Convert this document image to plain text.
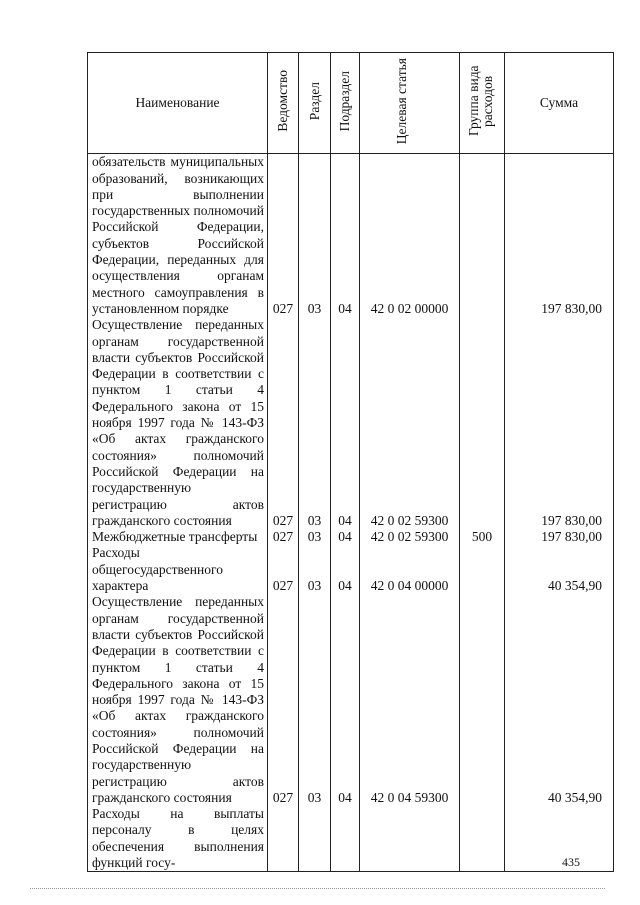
Наименование	Ведомство	Раздел	Подраздел	Целевая статья	Группа вида расходов	Сумма
обязательств муниципальных образований, возникающих при выполнении государственных полномочий Российской Федерации, субъектов Российской Федерации, переданных для осуществления органам местного самоуправления в установленном порядке	027	03	04	42 0 02 00000		197 830,00
Осуществление переданных органам государственной власти субъектов Российской Федерации в соответствии с пунктом 1 статьи 4 Федерального закона от 15 ноября 1997 года № 143-ФЗ «Об актах гражданского состояния» полномочий Российской Федерации на государственную регистрацию актов гражданского состояния	027	03	04	42 0 02 59300		197 830,00
Межбюджетные трансферты	027	03	04	42 0 02 59300	500	197 830,00
Расходы общегосударственного характера	027	03	04	42 0 04 00000		40 354,90
Осуществление переданных органам государственной власти субъектов Российской Федерации в соответствии с пунктом 1 статьи 4 Федерального закона от 15 ноября 1997 года № 143-ФЗ «Об актах гражданского состояния» полномочий Российской Федерации на государственную регистрацию актов гражданского состояния	027	03	04	42 0 04 59300		40 354,90
Расходы на выплаты персоналу в целях обеспечения выполнения функций госу-						
							435
